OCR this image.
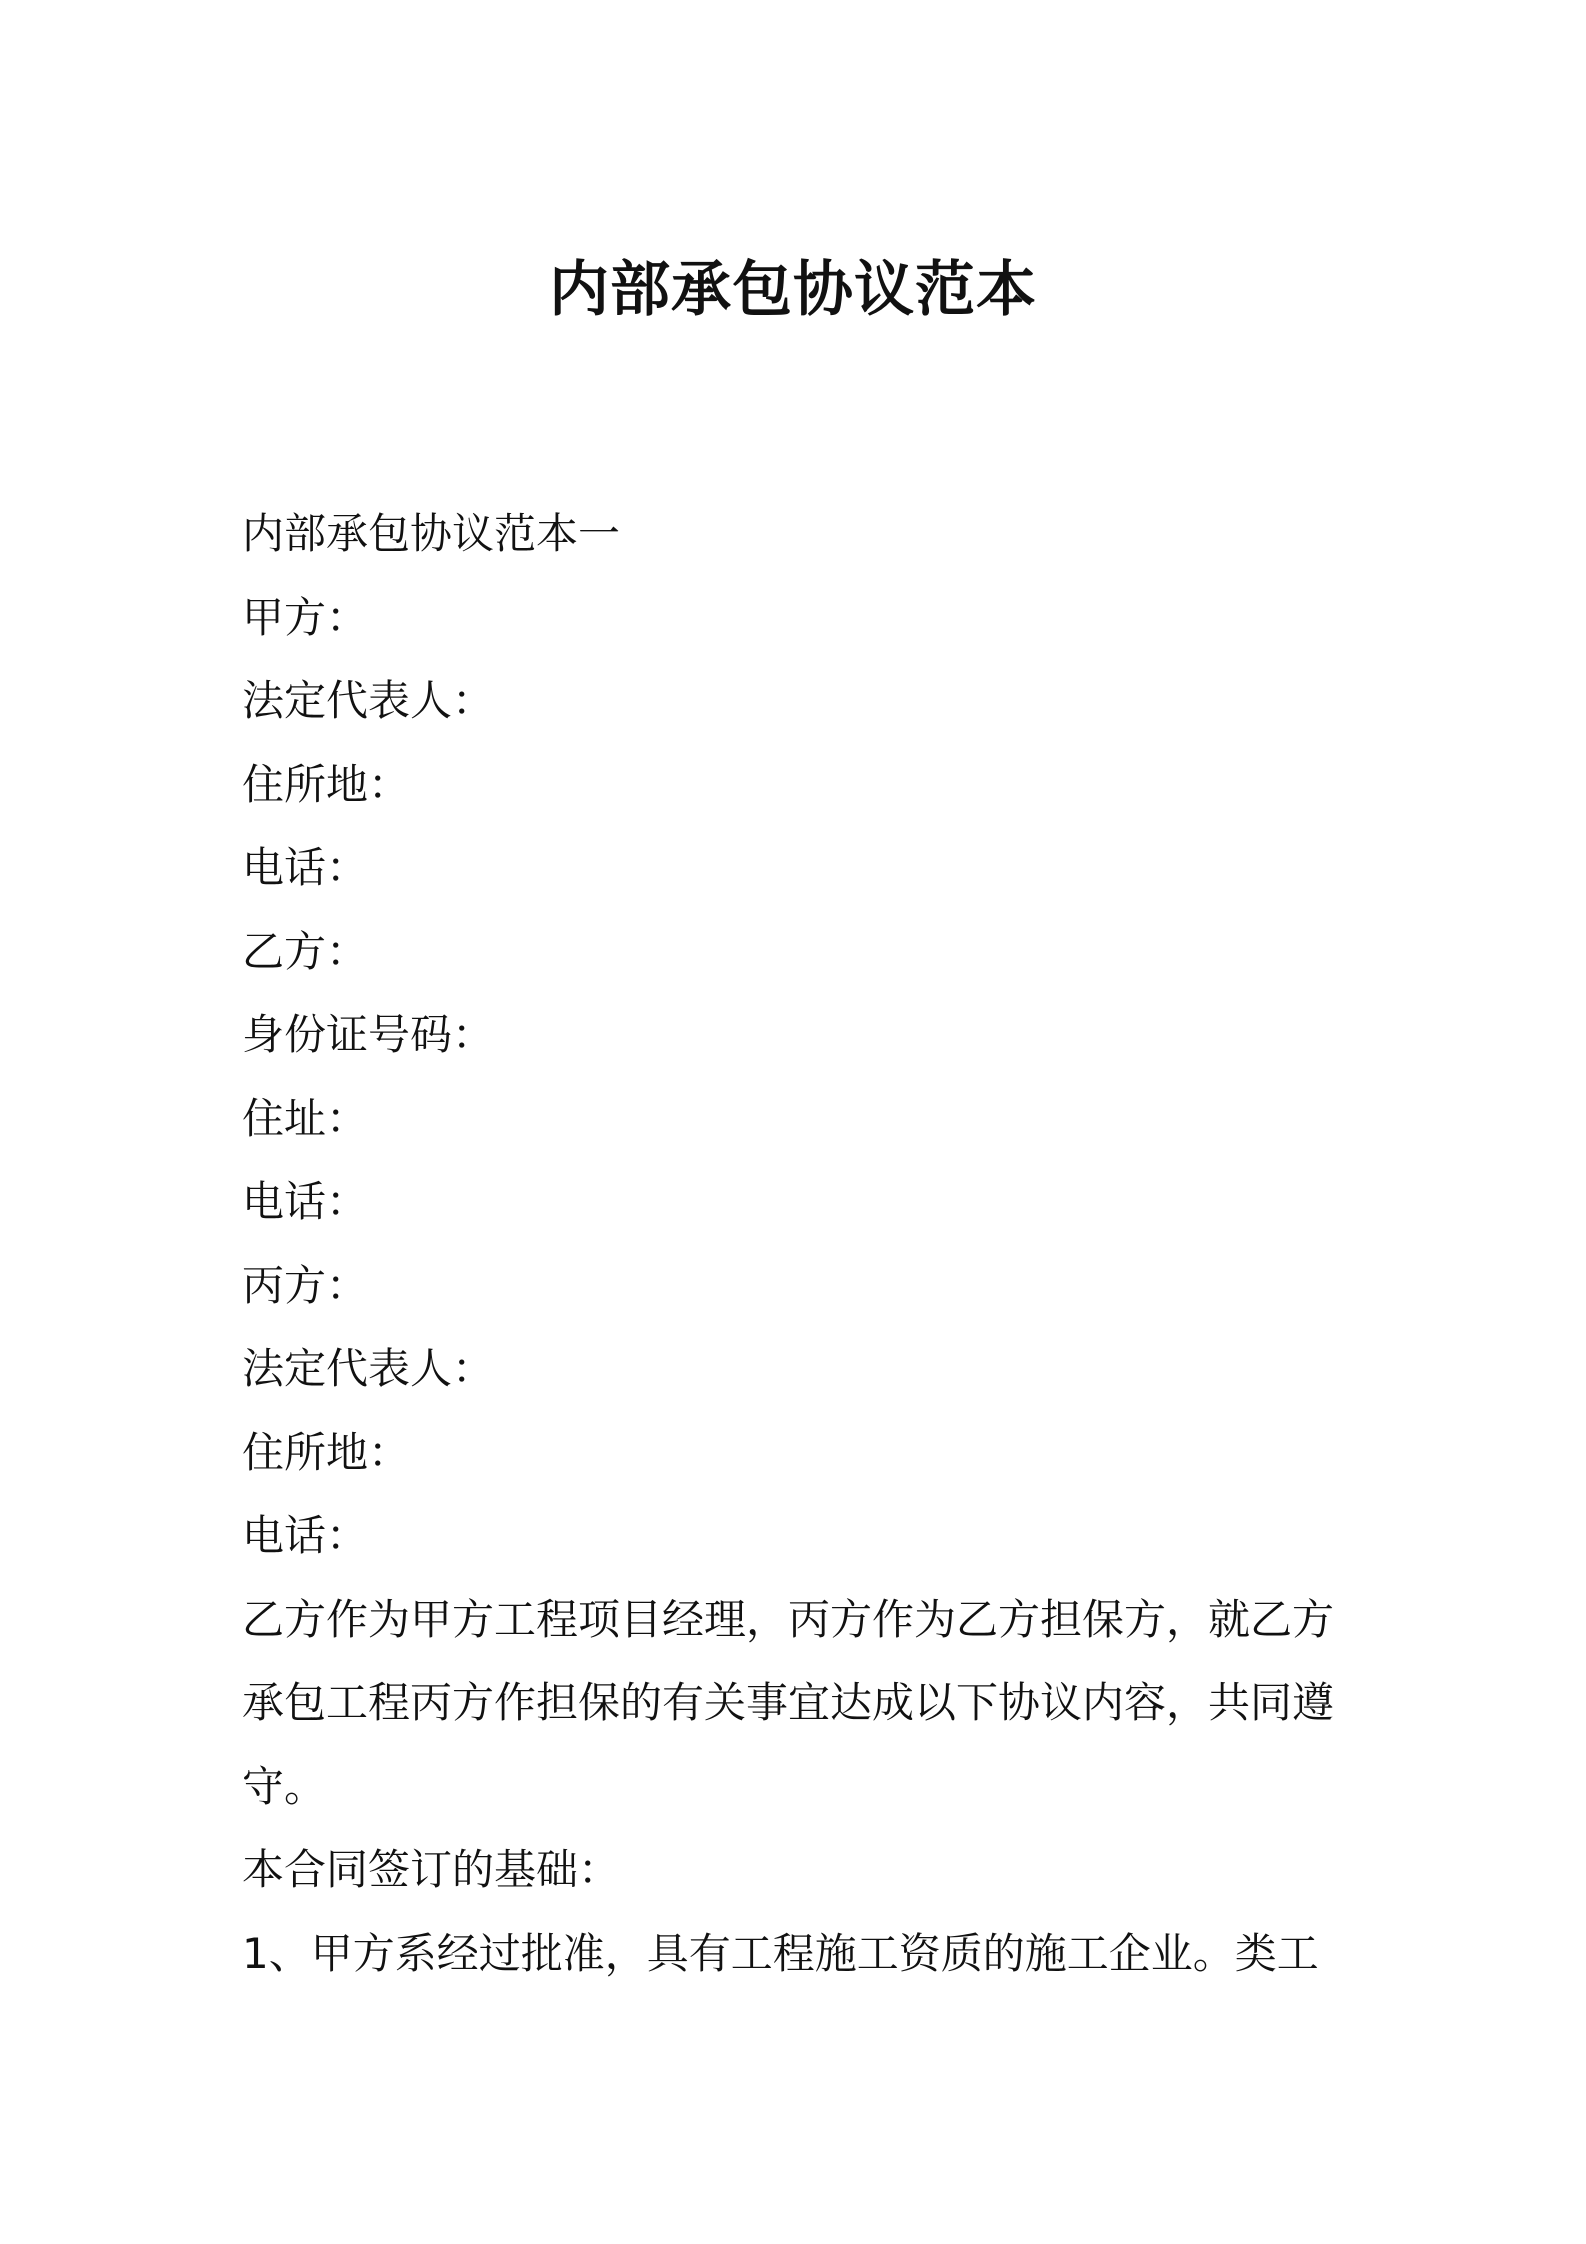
内部承包协议范本

内部承包协议范本一

甲方：

法定代表人：

住所地：

电话：

乙方：

身份证号码：

住址：

电话：

丙方：

法定代表人：

住所地：

电话：

乙方作为甲方工程项目经理，丙方作为乙方担保方，就乙方承包工程丙方作担保的有关事宜达成以下协议内容，共同遵守。

本合同签订的基础：

1、甲方系经过批准，具有工程施工资质的施工企业。类工
